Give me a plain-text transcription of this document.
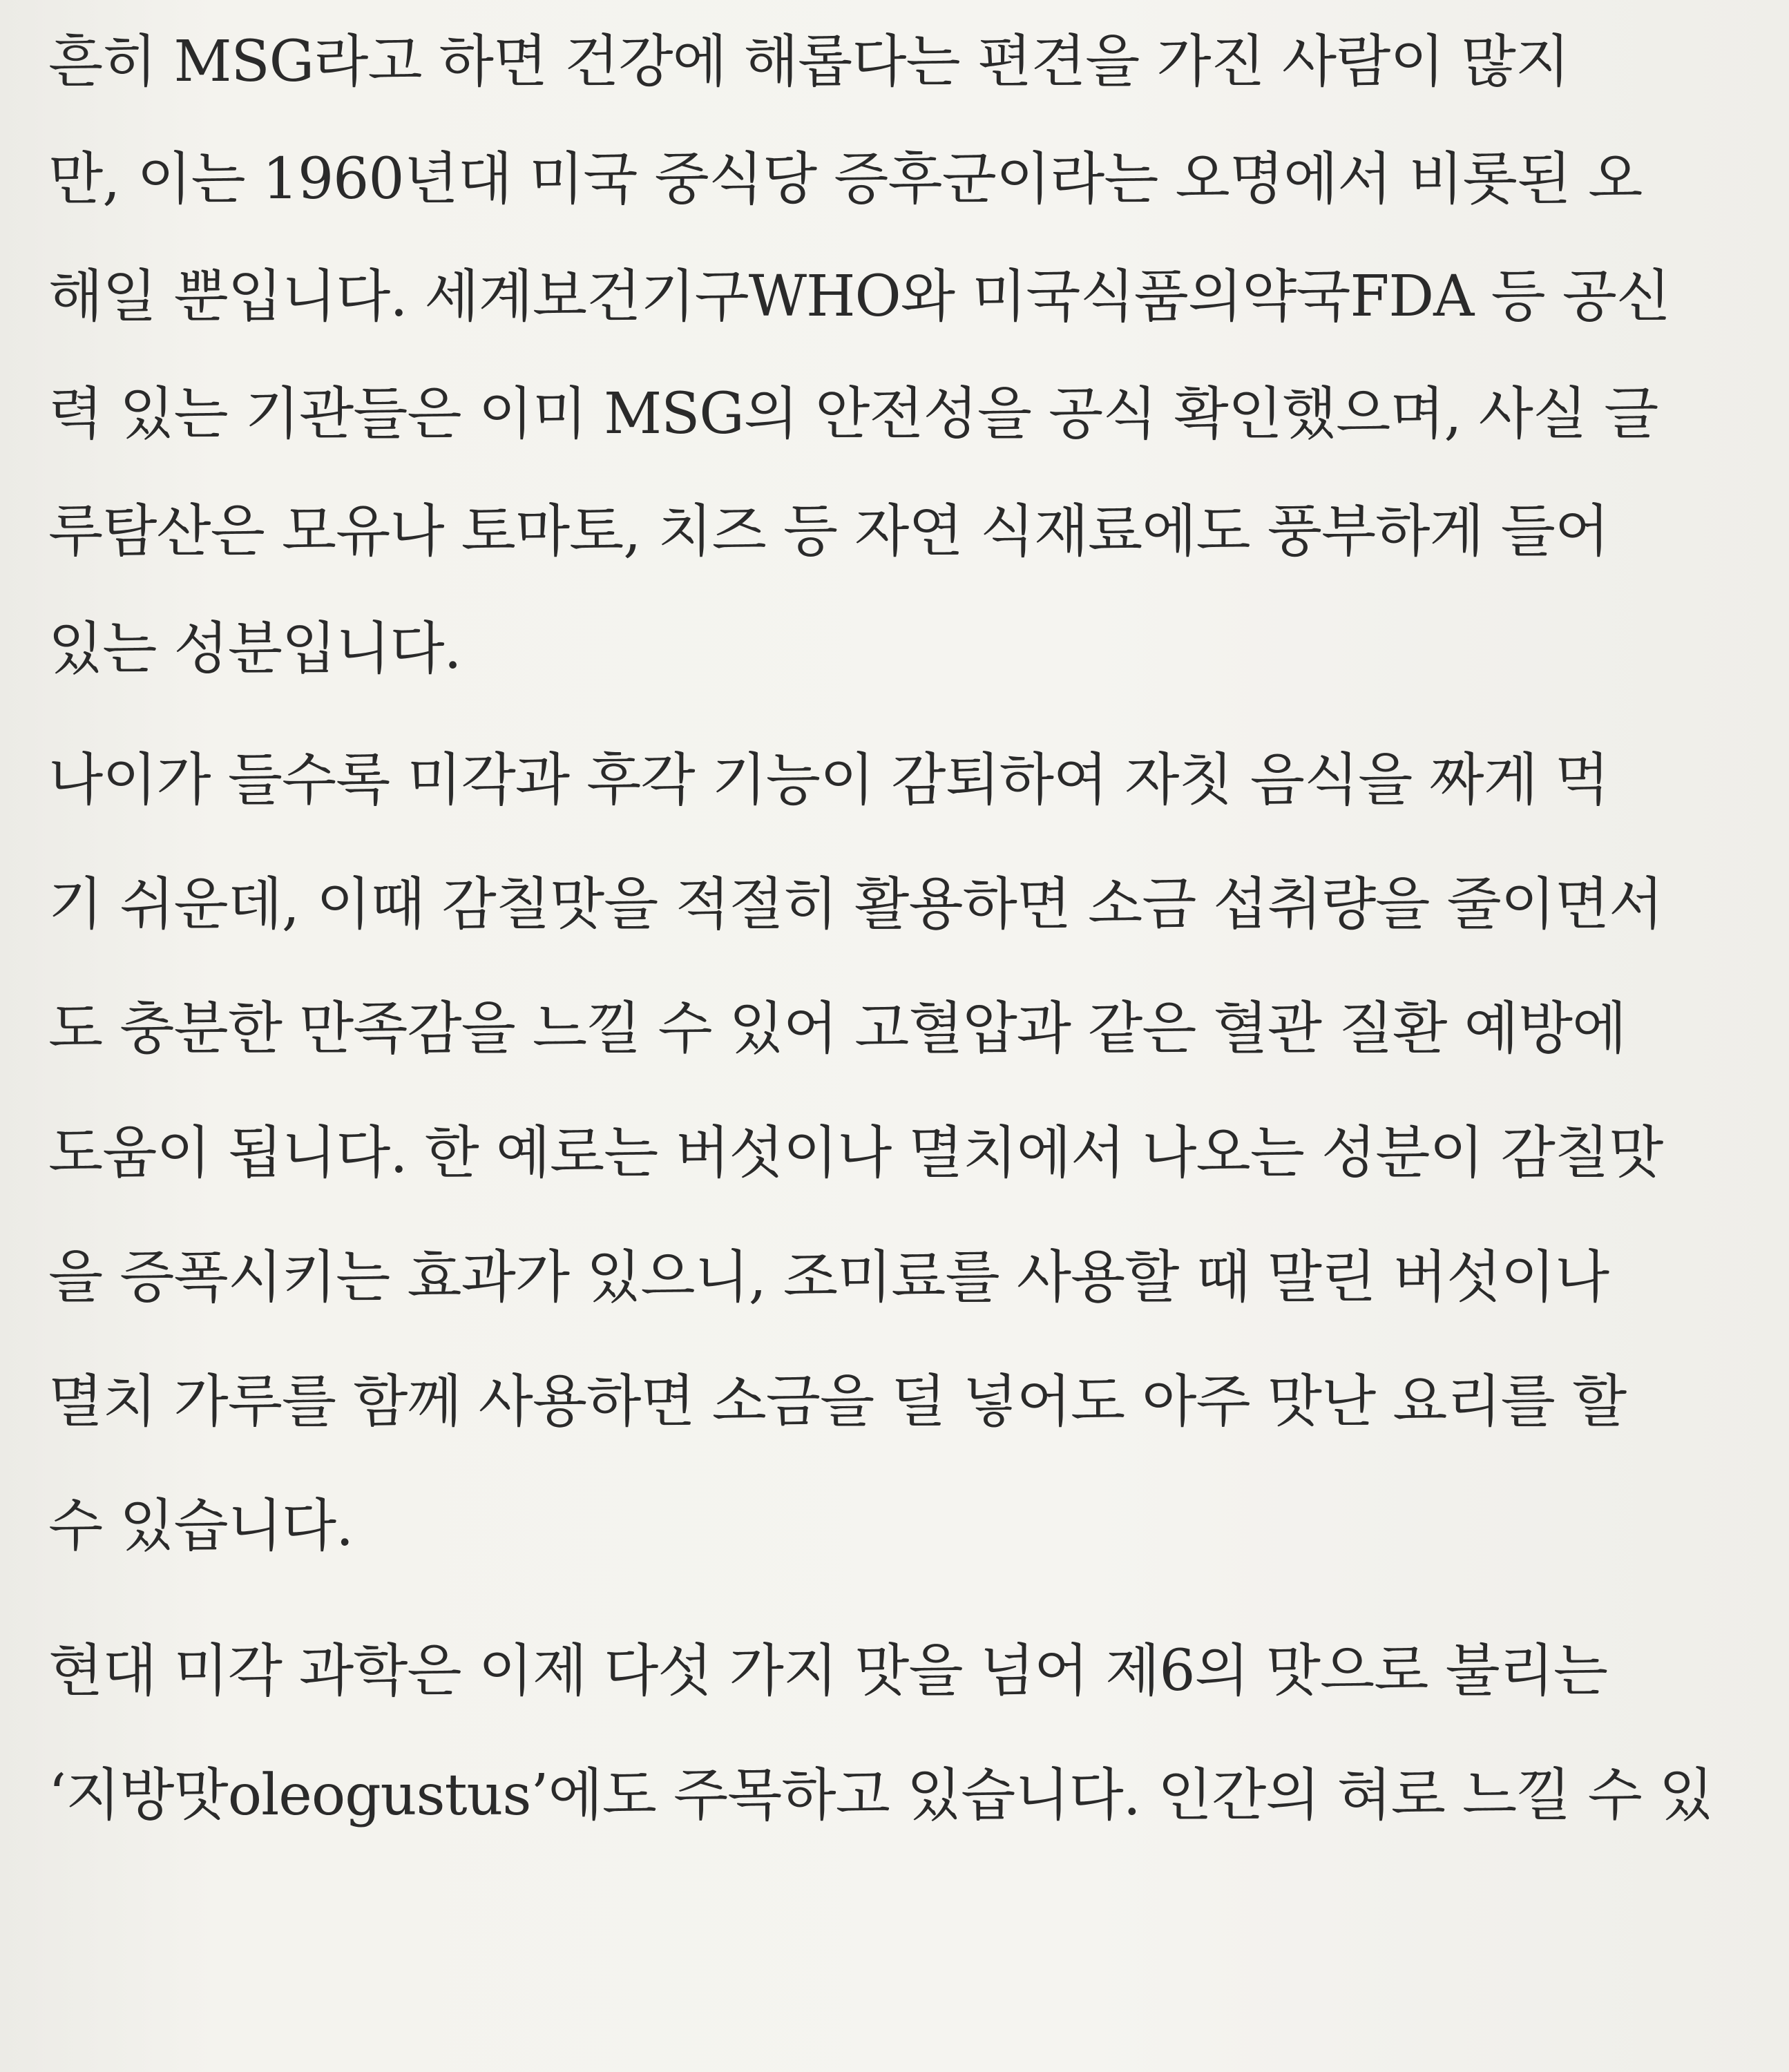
흔히 MSG라고 하면 건강에 해롭다는 편견을 가진 사람이 많지
만, 이는 1960년대 미국 중식당 증후군이라는 오명에서 비롯된 오
해일 뿐입니다. 세계보건기구WHO와 미국식품의약국FDA 등 공신
력 있는 기관들은 이미 MSG의 안전성을 공식 확인했으며, 사실 글
루탐산은 모유나 토마토, 치즈 등 자연 식재료에도 풍부하게 들어
있는 성분입니다.
나이가 들수록 미각과 후각 기능이 감퇴하여 자칫 음식을 짜게 먹
기 쉬운데, 이때 감칠맛을 적절히 활용하면 소금 섭취량을 줄이면서
도 충분한 만족감을 느낄 수 있어 고혈압과 같은 혈관 질환 예방에
도움이 됩니다. 한 예로는 버섯이나 멸치에서 나오는 성분이 감칠맛
을 증폭시키는 효과가 있으니, 조미료를 사용할 때 말린 버섯이나
멸치 가루를 함께 사용하면 소금을 덜 넣어도 아주 맛난 요리를 할
수 있습니다.
현대 미각 과학은 이제 다섯 가지 맛을 넘어 제6의 맛으로 불리는
‘지방맛oleogustus’에도 주목하고 있습니다. 인간의 혀로 느낄 수 있
